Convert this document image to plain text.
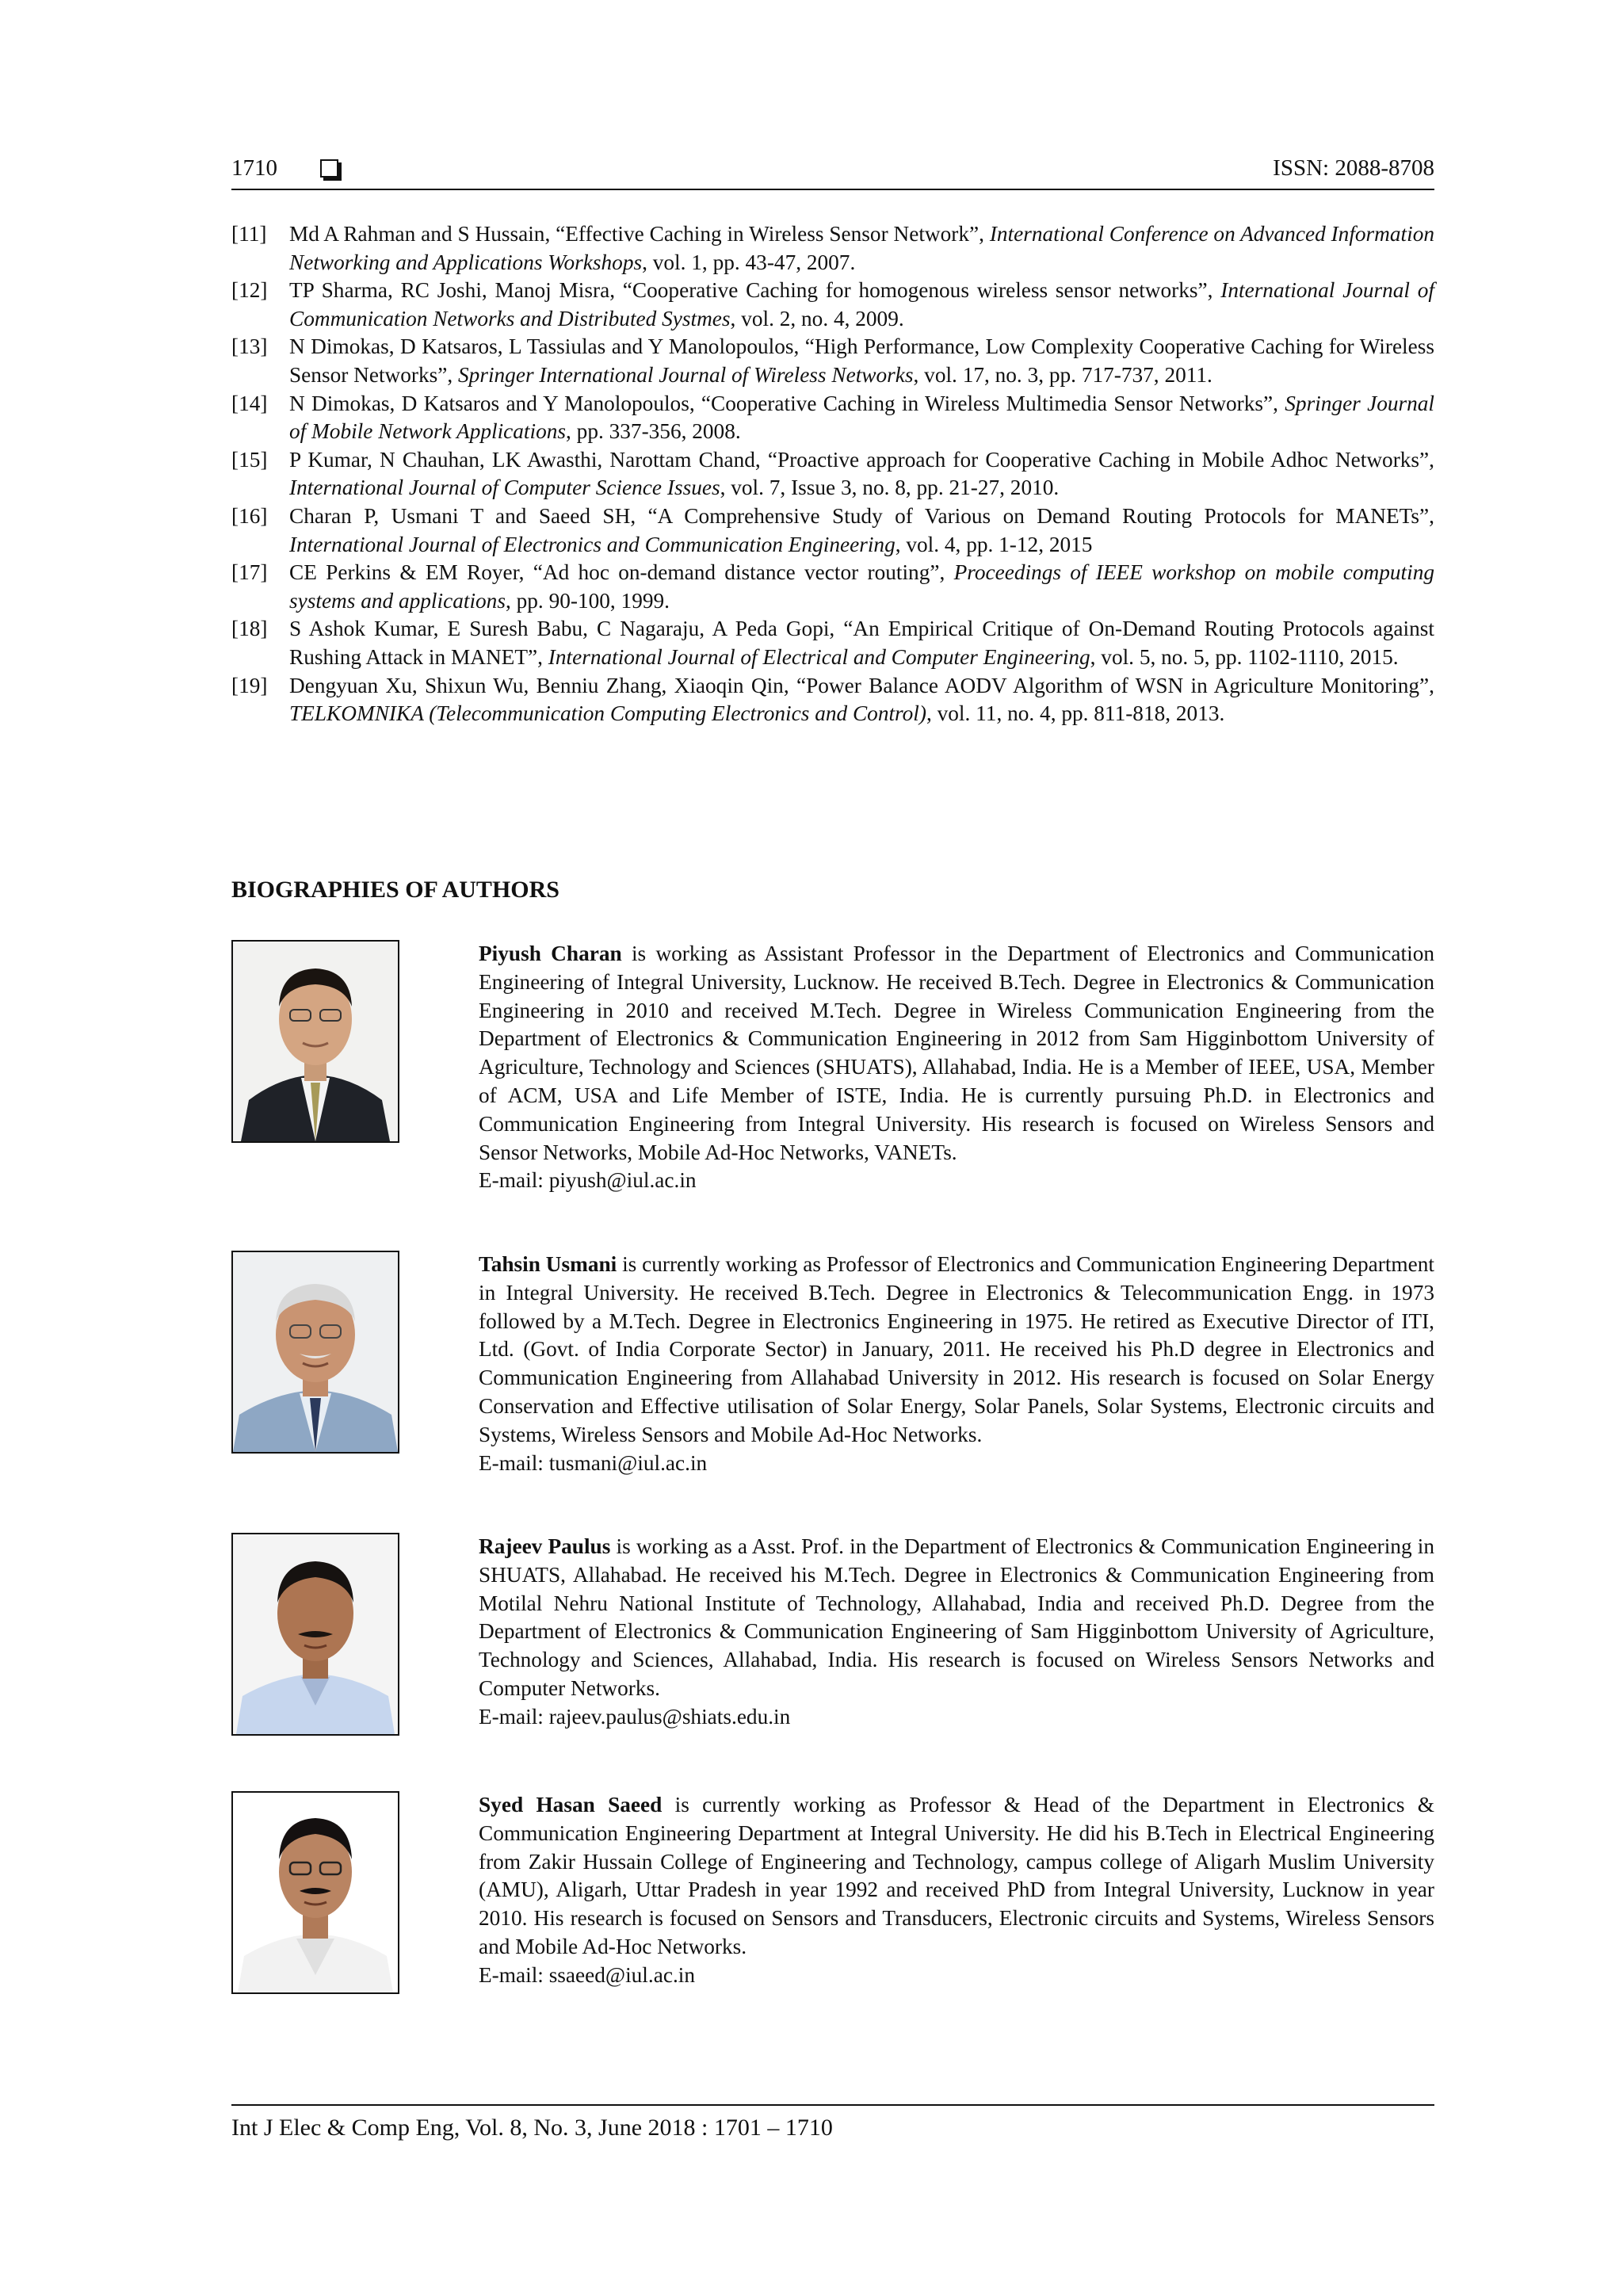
1710	ISSN: 2088-8708
[11] Md A Rahman and S Hussain, “Effective Caching in Wireless Sensor Network”, International Conference on Advanced Information Networking and Applications Workshops, vol. 1, pp. 43-47, 2007.
[12] TP Sharma, RC Joshi, Manoj Misra, “Cooperative Caching for homogenous wireless sensor networks”, International Journal of Communication Networks and Distributed Systmes, vol. 2, no. 4, 2009.
[13] N Dimokas, D Katsaros, L Tassiulas and Y Manolopoulos, “High Performance, Low Complexity Cooperative Caching for Wireless Sensor Networks”, Springer International Journal of Wireless Networks, vol. 17, no. 3, pp. 717-737, 2011.
[14] N Dimokas, D Katsaros and Y Manolopoulos, “Cooperative Caching in Wireless Multimedia Sensor Networks”, Springer Journal of Mobile Network Applications, pp. 337-356, 2008.
[15] P Kumar, N Chauhan, LK Awasthi, Narottam Chand, “Proactive approach for Cooperative Caching in Mobile Adhoc Networks”, International Journal of Computer Science Issues, vol. 7, Issue 3, no. 8, pp. 21-27, 2010.
[16] Charan P, Usmani T and Saeed SH, “A Comprehensive Study of Various on Demand Routing Protocols for MANETs”, International Journal of Electronics and Communication Engineering, vol. 4, pp. 1-12, 2015
[17] CE Perkins & EM Royer, “Ad hoc on-demand distance vector routing”, Proceedings of IEEE workshop on mobile computing systems and applications, pp. 90-100, 1999.
[18] S Ashok Kumar, E Suresh Babu, C Nagaraju, A Peda Gopi, “An Empirical Critique of On-Demand Routing Protocols against Rushing Attack in MANET”, International Journal of Electrical and Computer Engineering, vol. 5, no. 5, pp. 1102-1110, 2015.
[19] Dengyuan Xu, Shixun Wu, Benniu Zhang, Xiaoqin Qin, “Power Balance AODV Algorithm of WSN in Agriculture Monitoring”, TELKOMNIKA (Telecommunication Computing Electronics and Control), vol. 11, no. 4, pp. 811-818, 2013.
BIOGRAPHIES OF AUTHORS
Piyush Charan is working as Assistant Professor in the Department of Electronics and Communication Engineering of Integral University, Lucknow. He received B.Tech. Degree in Electronics & Communication Engineering in 2010 and received M.Tech. Degree in Wireless Communication Engineering from the Department of Electronics & Communication Engineering in 2012 from Sam Higginbottom University of Agriculture, Technology and Sciences (SHUATS), Allahabad, India. He is a Member of IEEE, USA, Member of ACM, USA and Life Member of ISTE, India. He is currently pursuing Ph.D. in Electronics and Communication Engineering from Integral University. His research is focused on Wireless Sensors and Sensor Networks, Mobile Ad-Hoc Networks, VANETs.
E-mail: piyush@iul.ac.in
Tahsin Usmani is currently working as Professor of Electronics and Communication Engineering Department in Integral University. He received B.Tech. Degree in Electronics & Telecommunication Engg. in 1973 followed by a M.Tech. Degree in Electronics Engineering in 1975. He retired as Executive Director of ITI, Ltd. (Govt. of India Corporate Sector) in January, 2011. He received his Ph.D degree in Electronics and Communication Engineering from Allahabad University in 2012. His research is focused on Solar Energy Conservation and Effective utilisation of Solar Energy, Solar Panels, Solar Systems, Electronic circuits and Systems, Wireless Sensors and Mobile Ad-Hoc Networks.
E-mail: tusmani@iul.ac.in
Rajeev Paulus is working as a Asst. Prof. in the Department of Electronics & Communication Engineering in SHUATS, Allahabad. He received his M.Tech. Degree in Electronics & Communication Engineering from Motilal Nehru National Institute of Technology, Allahabad, India and received Ph.D. Degree from the Department of Electronics & Communication Engineering of Sam Higginbottom University of Agriculture, Technology and Sciences, Allahabad, India. His research is focused on Wireless Sensors Networks and Computer Networks.
E-mail: rajeev.paulus@shiats.edu.in
Syed Hasan Saeed is currently working as Professor & Head of the Department in Electronics & Communication Engineering Department at Integral University. He did his B.Tech in Electrical Engineering from Zakir Hussain College of Engineering and Technology, campus college of Aligarh Muslim University (AMU), Aligarh, Uttar Pradesh in year 1992 and received PhD from Integral University, Lucknow in year 2010. His research is focused on Sensors and Transducers, Electronic circuits and Systems, Wireless Sensors and Mobile Ad-Hoc Networks.
E-mail: ssaeed@iul.ac.in
Int J Elec & Comp Eng, Vol. 8, No. 3, June 2018 : 1701 – 1710
